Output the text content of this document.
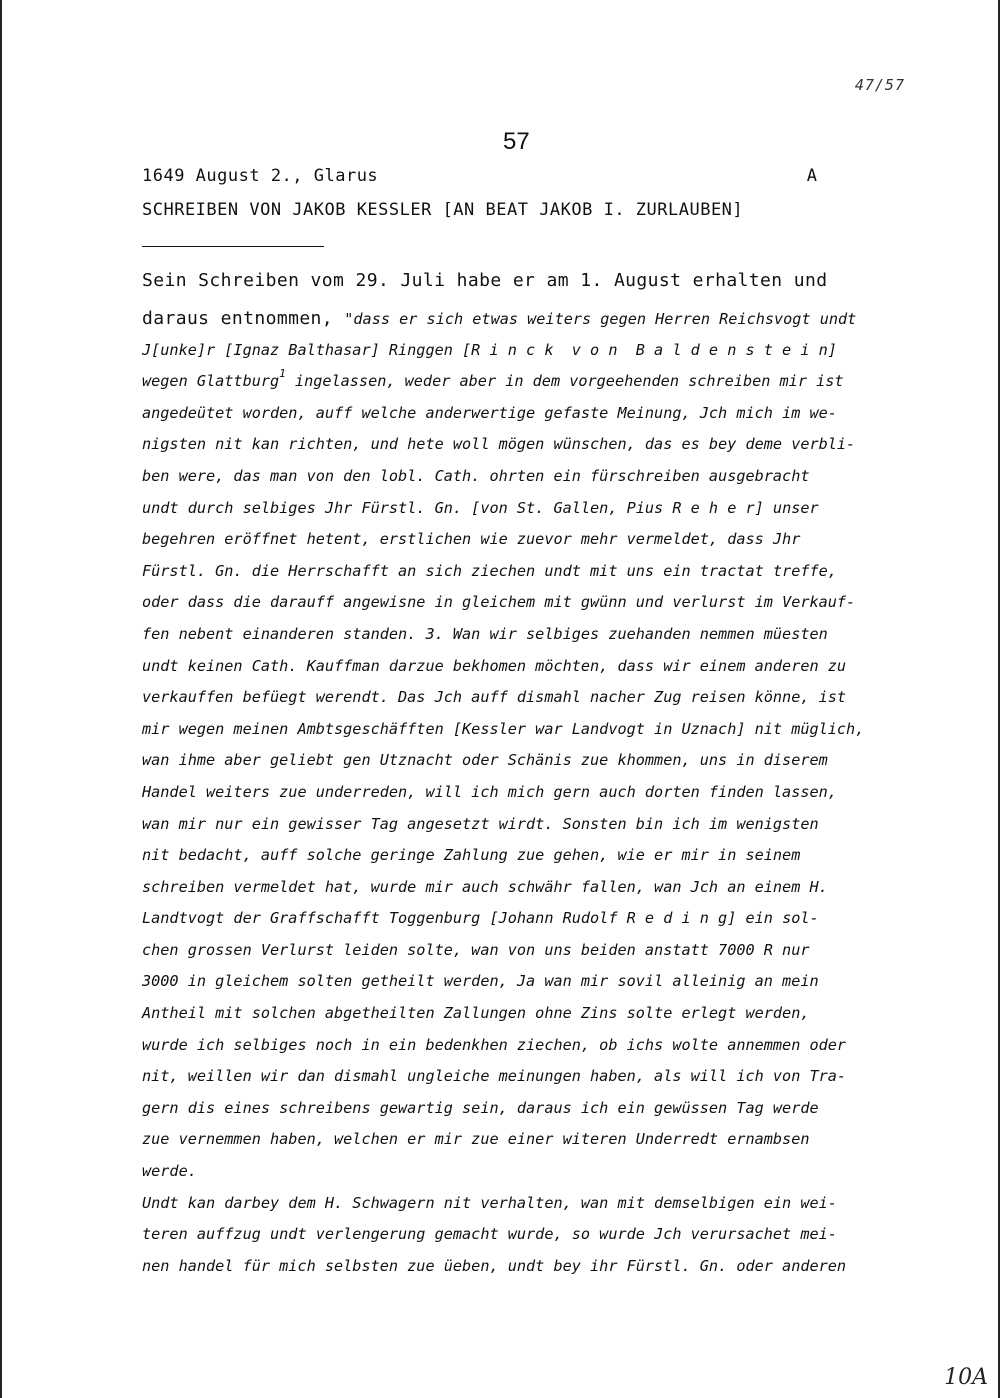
47/57
57
1649 August 2., Glarus	A
SCHREIBEN VON JAKOB KESSLER [AN BEAT JAKOB I. ZURLAUBEN]
Sein Schreiben vom 29. Juli habe er am 1. August erhalten und
daraus entnommen, "dass er sich etwas weiters gegen Herren Reichsvogt undt
J[unke]r [Ignaz Balthasar] Ringgen [R i n c k  v o n  B a l d e n s t e i n]
wegen Glattburg$^1$ ingelassen, weder aber in dem vorgeehenden schreiben mir ist
angedeütet worden, auff welche anderwertige gefaste Meinung, Jch mich im we-
nigsten nit kan richten, und hete woll mögen wünschen, das es bey deme verbli-
ben were, das man von den lobl. Cath. ohrten ein fürschreiben ausgebracht
undt durch selbiges Jhr Fürstl. Gn. [von St. Gallen, Pius R e h e r] unser
begehren eröffnet hetent, erstlichen wie zuevor mehr vermeldet, dass Jhr
Fürstl. Gn. die Herrschafft an sich ziechen undt mit uns ein tractat treffe,
oder dass die darauff angewisne in gleichem mit gwünn und verlurst im Verkauf-
fen nebent einanderen standen. 3. Wan wir selbiges zuehanden nemmen müesten
undt keinen Cath. Kauffman darzue bekhomen möchten, dass wir einem anderen zu
verkauffen befüegt werendt. Das Jch auff dismahl nacher Zug reisen könne, ist
mir wegen meinen Ambtsgeschäfften [Kessler war Landvogt in Uznach] nit müglich,
wan ihme aber geliebt gen Utznacht oder Schänis zue khommen, uns in diserem
Handel weiters zue underreden, will ich mich gern auch dorten finden lassen,
wan mir nur ein gewisser Tag angesetzt wirdt. Sonsten bin ich im wenigsten
nit bedacht, auff solche geringe Zahlung zue gehen, wie er mir in seinem
schreiben vermeldet hat, wurde mir auch schwähr fallen, wan Jch an einem H.
Landtvogt der Graffschafft Toggenburg [Johann Rudolf R e d i n g] ein sol-
chen grossen Verlurst leiden solte, wan von uns beiden anstatt 7000 R nur
3000 in gleichem solten getheilt werden, Ja wan mir sovil alleinig an mein
Antheil mit solchen abgetheilten Zallungen ohne Zins solte erlegt werden,
wurde ich selbiges noch in ein bedenkhen ziechen, ob ichs wolte annemmen oder
nit, weillen wir dan dismahl ungleiche meinungen haben, als will ich von Tra-
gern dis eines schreibens gewartig sein, daraus ich ein gewüssen Tag werde
zue vernemmen haben, welchen er mir zue einer witeren Underredt ernambsen
werde.
Undt kan darbey dem H. Schwagern nit verhalten, wan mit demselbigen ein wei-
teren auffzug undt verlengerung gemacht wurde, so wurde Jch verursachet mei-
nen handel für mich selbsten zue üeben, undt bey ihr Fürstl. Gn. oder anderen
10A
